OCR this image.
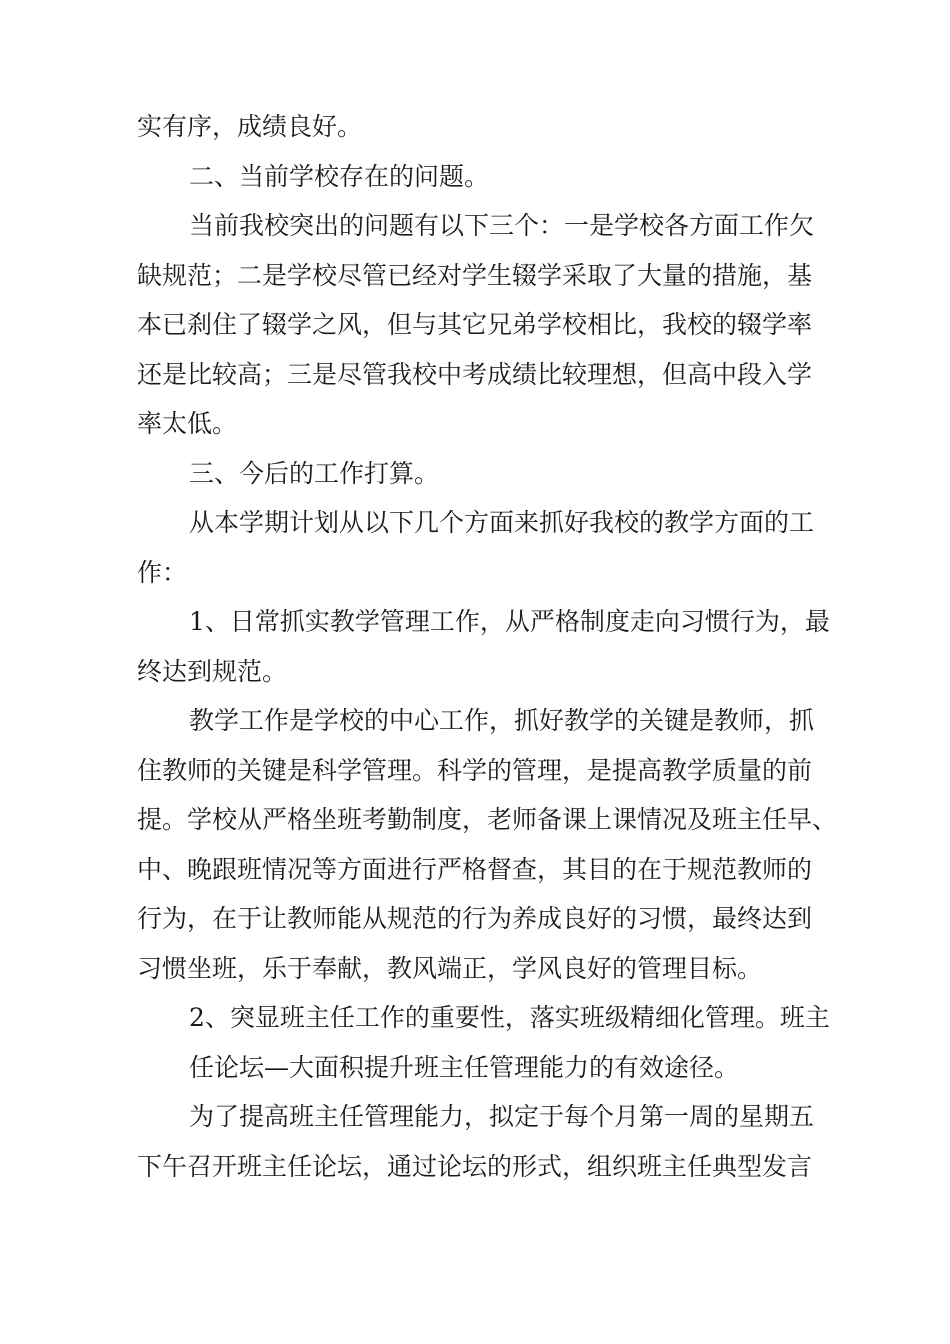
实有序，成绩良好。
二、当前学校存在的问题。
当前我校突出的问题有以下三个：一是学校各方面工作欠
缺规范；二是学校尽管已经对学生辍学采取了大量的措施，基
本已刹住了辍学之风，但与其它兄弟学校相比，我校的辍学率
还是比较高；三是尽管我校中考成绩比较理想，但高中段入学
率太低。
三、今后的工作打算。
从本学期计划从以下几个方面来抓好我校的教学方面的工
作：
1、日常抓实教学管理工作，从严格制度走向习惯行为，最
终达到规范。
教学工作是学校的中心工作，抓好教学的关键是教师，抓
住教师的关键是科学管理。科学的管理，是提高教学质量的前
提。学校从严格坐班考勤制度，老师备课上课情况及班主任早、
中、晚跟班情况等方面进行严格督查，其目的在于规范教师的
行为，在于让教师能从规范的行为养成良好的习惯，最终达到
习惯坐班，乐于奉献，教风端正，学风良好的管理目标。
2、突显班主任工作的重要性，落实班级精细化管理。班主
任论坛—大面积提升班主任管理能力的有效途径。
为了提高班主任管理能力，拟定于每个月第一周的星期五
下午召开班主任论坛，通过论坛的形式，组织班主任典型发言
